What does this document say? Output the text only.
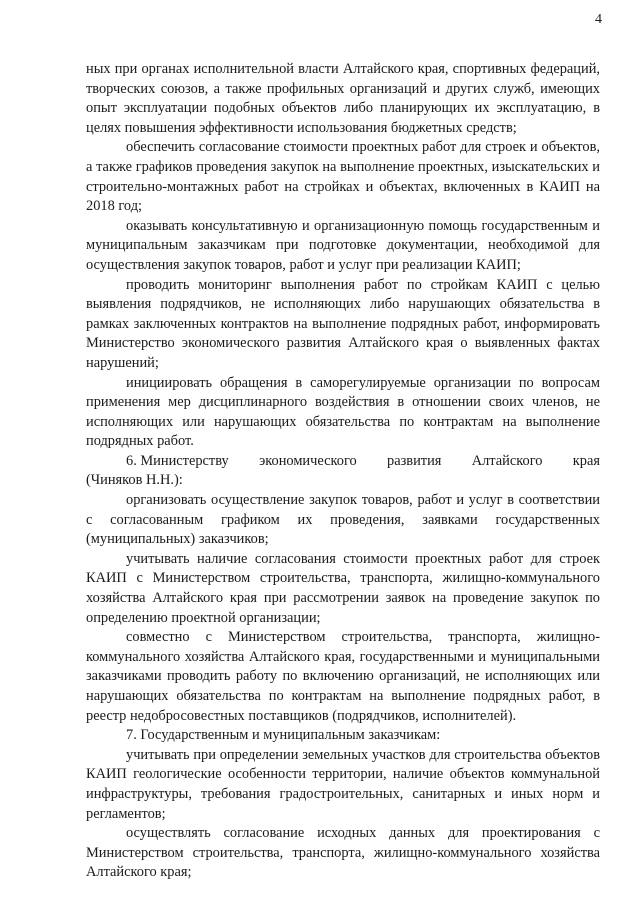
4

ных при органах исполнительной власти Алтайского края, спортивных федераций, творческих союзов, а также профильных организаций и других служб, имеющих опыт эксплуатации подобных объектов либо планирующих их эксплуатацию, в целях повышения эффективности использования бюджетных средств;

обеспечить согласование стоимости проектных работ для строек и объектов, а также графиков проведения закупок на выполнение проектных, изыскательских и строительно-монтажных работ на стройках и объектах, включенных в КАИП на 2018 год;

оказывать консультативную и организационную помощь государственным и муниципальным заказчикам при подготовке документации, необходимой для осуществления закупок товаров, работ и услуг при реализации КАИП;

проводить мониторинг выполнения работ по стройкам КАИП с целью выявления подрядчиков, не исполняющих либо нарушающих обязательства в рамках заключенных контрактов на выполнение подрядных работ, информировать Министерство экономического развития Алтайского края о выявленных фактах нарушений;

инициировать обращения в саморегулируемые организации по вопросам применения мер дисциплинарного воздействия в отношении своих членов, не исполняющих или нарушающих обязательства по контрактам на выполнение подрядных работ.

6. Министерству экономического развития Алтайского края

(Чиняков Н.Н.):

организовать осуществление закупок товаров, работ и услуг в соответствии с согласованным графиком их проведения, заявками государственных (муниципальных) заказчиков;

учитывать наличие согласования стоимости проектных работ для строек КАИП с Министерством строительства, транспорта, жилищно-коммунального хозяйства Алтайского края при рассмотрении заявок на проведение закупок по определению проектной организации;

совместно с Министерством строительства, транспорта, жилищно-коммунального хозяйства Алтайского края, государственными и муниципальными заказчиками проводить работу по включению организаций, не исполняющих или нарушающих обязательства по контрактам на выполнение подрядных работ, в реестр недобросовестных поставщиков (подрядчиков, исполнителей).

7. Государственным и муниципальным заказчикам:

учитывать при определении земельных участков для строительства объектов КАИП геологические особенности территории, наличие объектов коммунальной инфраструктуры, требования градостроительных, санитарных и иных норм и регламентов;

осуществлять согласование исходных данных для проектирования с Министерством строительства, транспорта, жилищно-коммунального хозяйства Алтайского края;
